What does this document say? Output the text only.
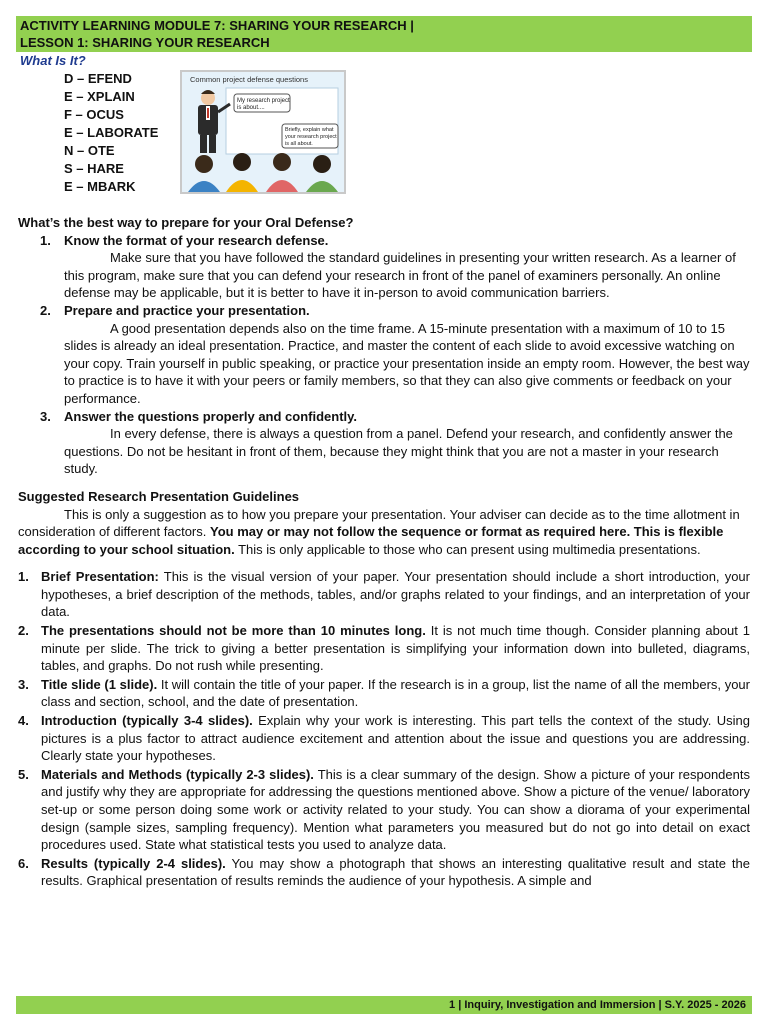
ACTIVITY LEARNING MODULE 7: SHARING YOUR RESEARCH |
LESSON 1: SHARING YOUR RESEARCH
What Is It?
D – EFEND
E – XPLAIN
F – OCUS
E – LABORATE
N – OTE
S – HARE
E – MBARK
Common project defense questions
My research project
is about....
Briefly, explain what
your research project
is all about.

What’s the best way to prepare for your Oral Defense?

1. Know the format of your research defense.

Make sure that you have followed the standard guidelines in presenting your written research. As a learner of this program, make sure that you can defend your research in front of the panel of examiners personally. An online defense may be applicable, but it is better to have it in-person to avoid communication barriers.

2. Prepare and practice your presentation.

A good presentation depends also on the time frame. A 15-minute presentation with a maximum of 10 to 15 slides is already an ideal presentation. Practice, and master the content of each slide to avoid excessive watching on your copy. Train yourself in public speaking, or practice your presentation inside an empty room. However, the best way to practice is to have it with your peers or family members, so that they can also give comments or feedback on your performance.

3. Answer the questions properly and confidently.

In every defense, there is always a question from a panel. Defend your research, and confidently answer the questions. Do not be hesitant in front of them, because they might think that you are not a master in your research study.

Suggested Research Presentation Guidelines

This is only a suggestion as to how you prepare your presentation. Your adviser can decide as to the time allotment in consideration of different factors. You may or may not follow the sequence or format as required here. This is flexible according to your school situation. This is only applicable to those who can present using multimedia presentations.

1. Brief Presentation: This is the visual version of your paper. Your presentation should include a short introduction, your hypotheses, a brief description of the methods, tables, and/or graphs related to your findings, and an interpretation of your data.
2. The presentations should not be more than 10 minutes long. It is not much time though. Consider planning about 1 minute per slide. The trick to giving a better presentation is simplifying your information down into bulleted, diagrams, tables, and graphs. Do not rush while presenting.
3. Title slide (1 slide). It will contain the title of your paper. If the research is in a group, list the name of all the members, your class and section, school, and the date of presentation.
4. Introduction (typically 3-4 slides). Explain why your work is interesting. This part tells the context of the study. Using pictures is a plus factor to attract audience excitement and attention about the issue and questions you are addressing. Clearly state your hypotheses.
5. Materials and Methods (typically 2-3 slides). This is a clear summary of the design. Show a picture of your respondents and justify why they are appropriate for addressing the questions mentioned above. Show a picture of the venue/ laboratory set-up or some person doing some work or activity related to your study. You can show a diorama of your experimental design (sample sizes, sampling frequency). Mention what parameters you measured but do not go into detail on exact procedures used. State what statistical tests you used to analyze data.
6. Results (typically 2-4 slides). You may show a photograph that shows an interesting qualitative result and state the results. Graphical presentation of results reminds the audience of your hypothesis. A simple and
1 | Inquiry, Investigation and Immersion | S.Y. 2025 - 2026
